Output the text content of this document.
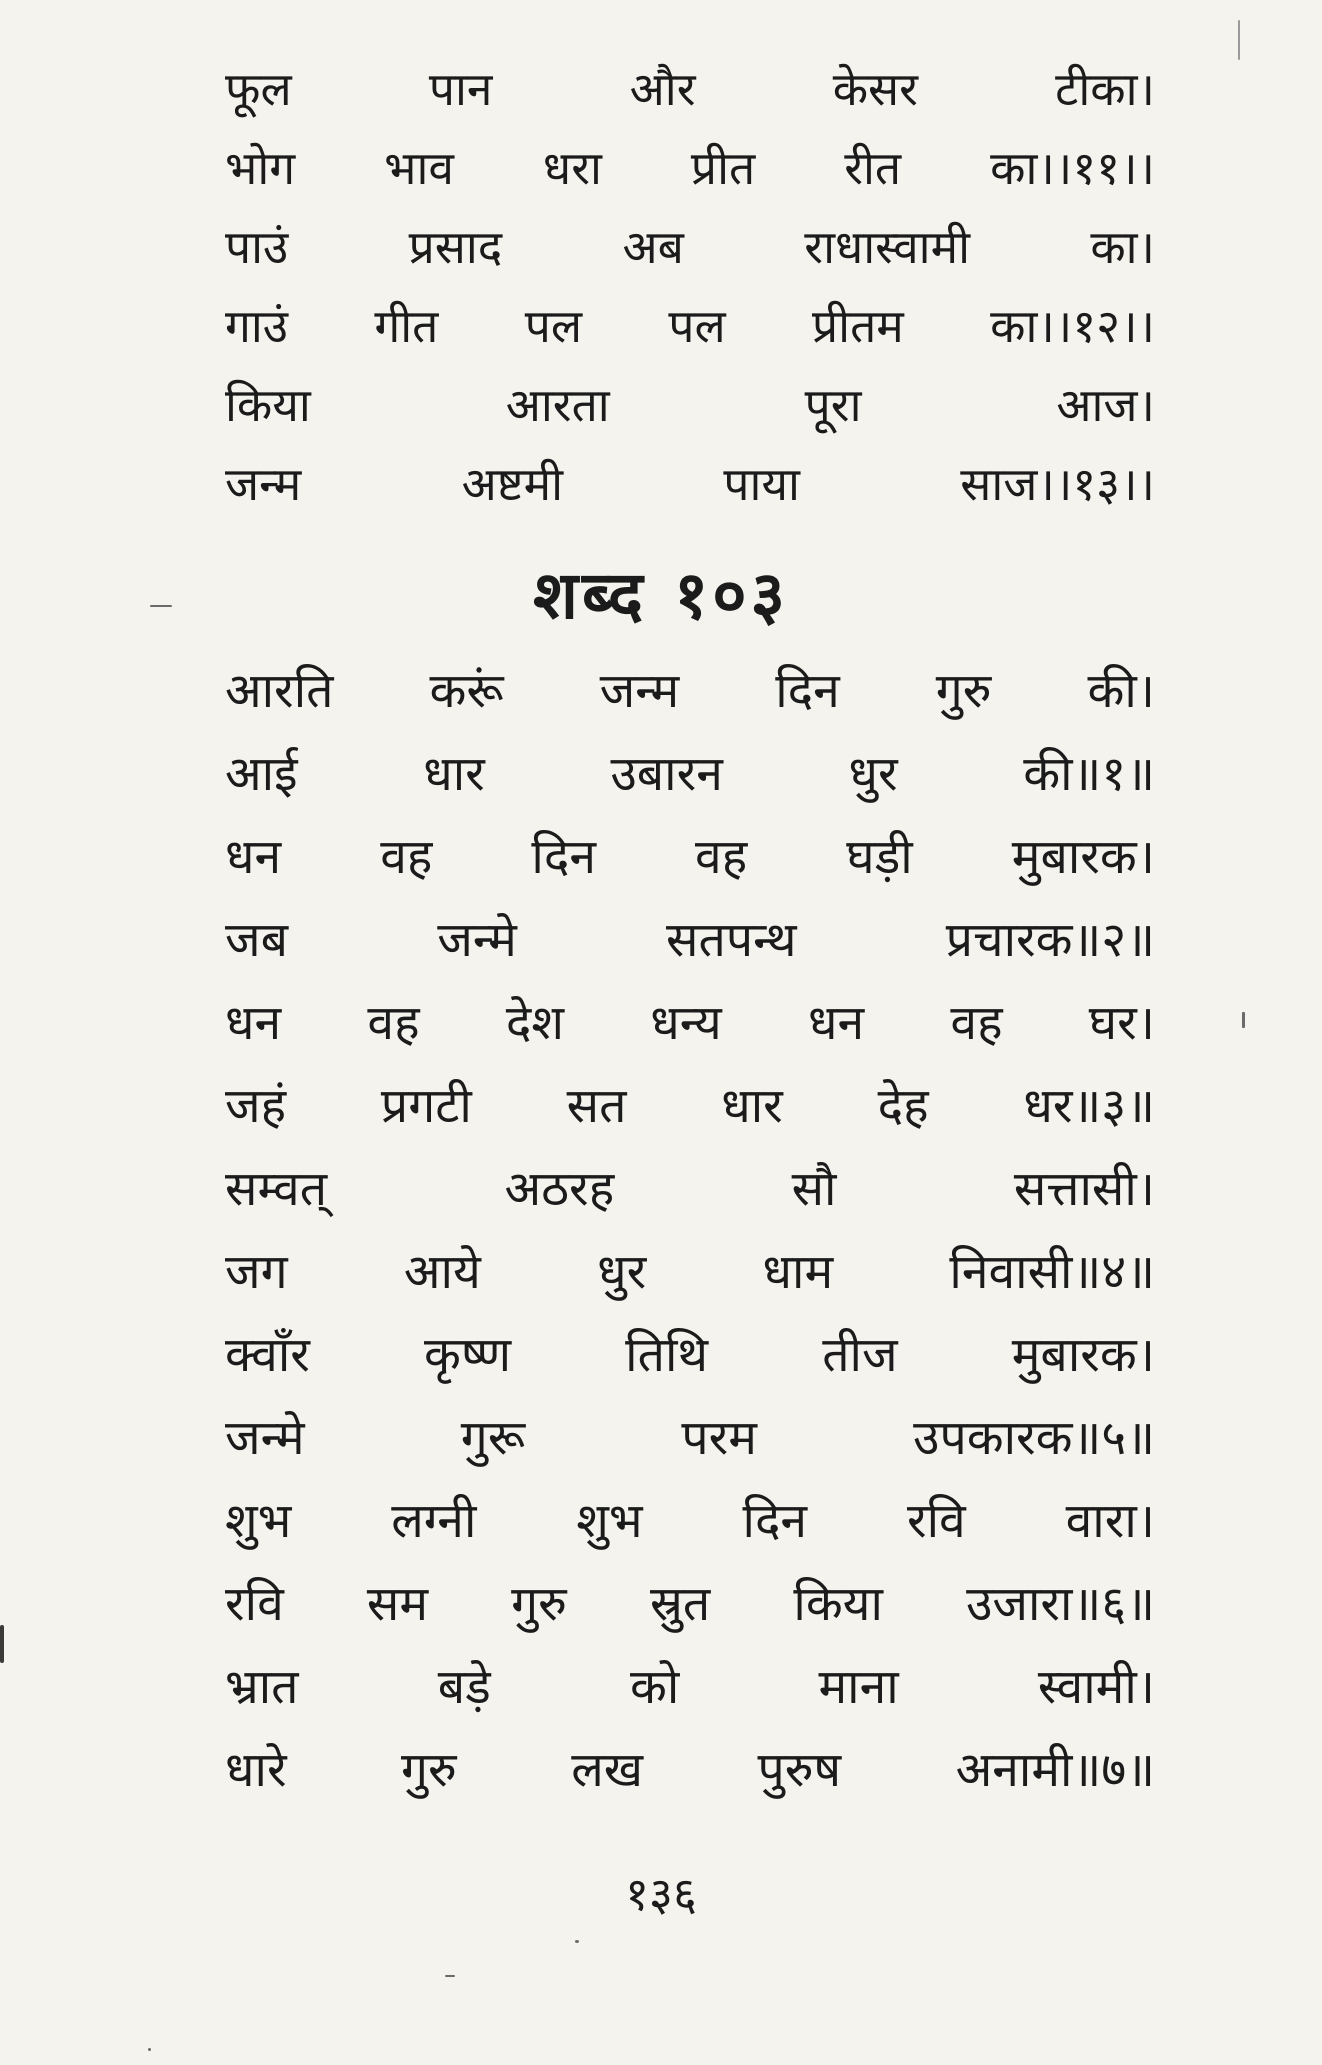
फूल	पान	और	केसर	टीका।
भोग भाव धरा प्रीत रीत का।।११।।
पाउं	प्रसाद	अब	राधास्वामी	का।
गाउं गीत पल पल प्रीतम का।।१२।।
किया	आरता	पूरा	आज।
जन्म	अष्टमी	पाया	साज।।१३।।
शब्द १०३
आरति करूं जन्म दिन गुरु की।
आई	धार	उबारन	धुर	की॥१॥
धन वह दिन वह घड़ी मुबारक।
जब	जन्मे	सतपन्थ	प्रचारक॥२॥
धन वह देश धन्य धन वह घर।
जहं प्रगटी सत धार देह धर॥३॥
सम्वत्	अठरह	सौ	सत्तासी।
जग आये धुर धाम निवासी॥४॥
क्वाँर कृष्ण तिथि तीज मुबारक।
जन्मे	गुरू	परम	उपकारक॥५॥
शुभ लग्नी शुभ दिन रवि वारा।
रवि सम गुरु स्रुत किया उजारा॥६॥
भ्रात	बड़े	को	माना	स्वामी।
धारे गुरु लख पुरुष अनामी॥७॥
१३६
